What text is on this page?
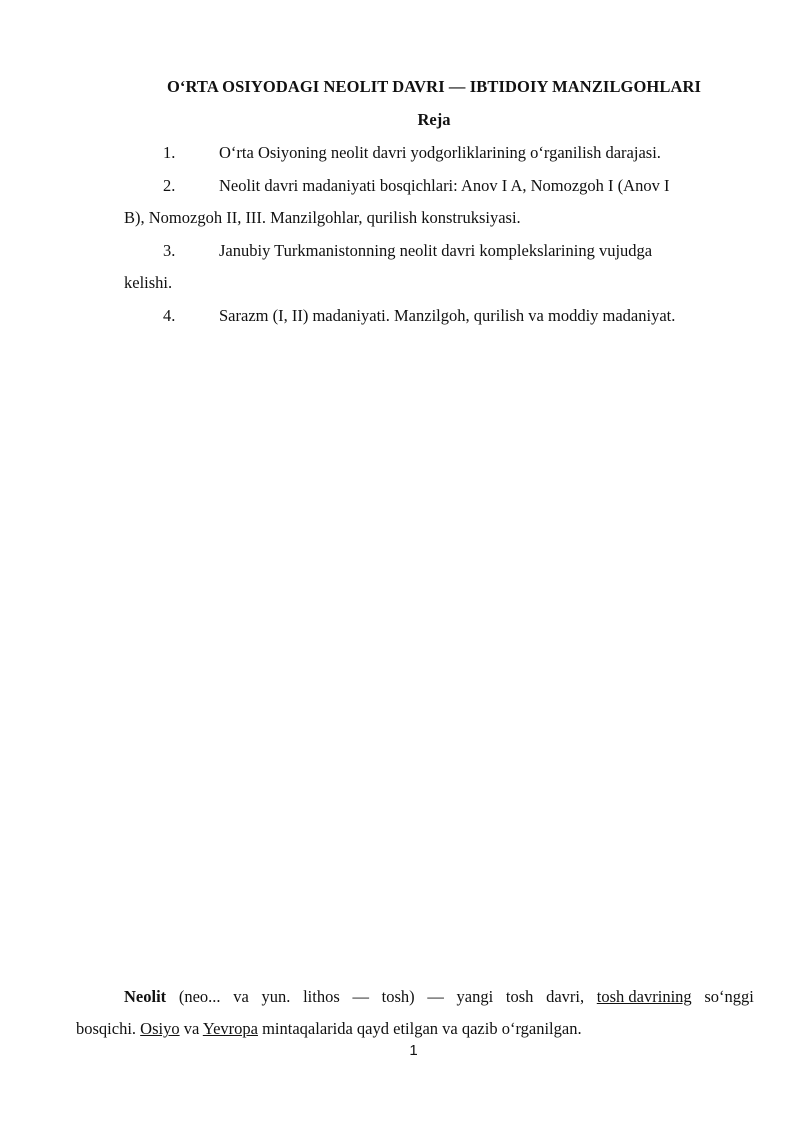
O‘RTA OSIYODAGI NEOLIT DAVRI — IBTIDOIY MANZILGOHLARI
Reja
1.	O‘rta Osiyoning neolit davri yodgorliklarining o‘rganilish darajasi.
2.	Neolit davri madaniyati bosqichlari: Anov I A, Nomozgoh I (Anov I
B), Nomozgoh II, III. Manzilgohlar, qurilish konstruksiyasi.
3.	Janubiy Turkmanistonning neolit davri komplekslarining vujudga
kelishi.
4.	Sarazm (I, II) madaniyati. Manzilgoh, qurilish va moddiy madaniyat.
Neolit (neo... va yun. lithos — tosh) — yangi tosh davri, tosh davrining so‘nggi
bosqichi. Osiyo va Yevropa mintaqalarida qayd etilgan va qazib o‘rganilgan.
1
